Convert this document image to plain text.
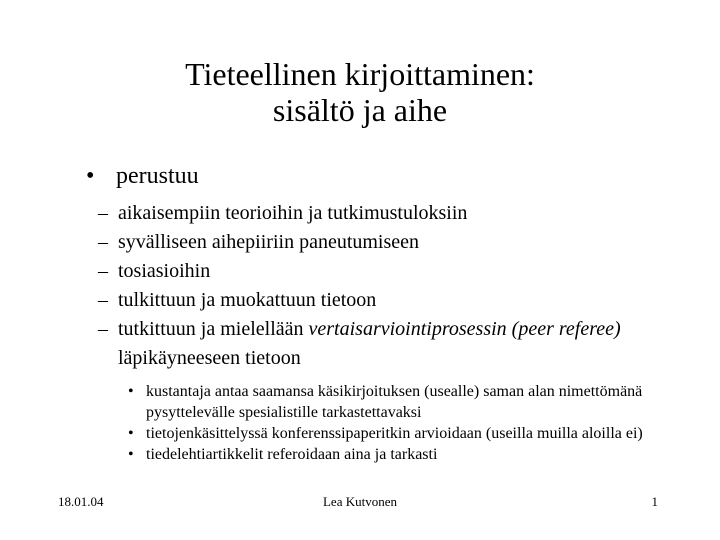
Tieteellinen kirjoittaminen:
sisältö ja aihe
• perustuu
– aikaisempiin teorioihin ja tutkimustuloksiin
– syvälliseen aihepiiriin paneutumiseen
– tosiasioihin
– tulkittuun ja muokattuun tietoon
– tutkittuun ja mielellään vertaisarviointiprosessin (peer referee) läpikäyneeseen tietoon
• kustantaja antaa saamansa käsikirjoituksen (usealle) saman alan nimettömänä pysyttelevälle spesialistille tarkastettavaksi
• tietojenkäsittelyssä konferenssipaperitkin arvioidaan (useilla muilla aloilla ei)
• tiedelehtiartikkelit referoidaan aina ja tarkasti
18.01.04	Lea Kutvonen	1
